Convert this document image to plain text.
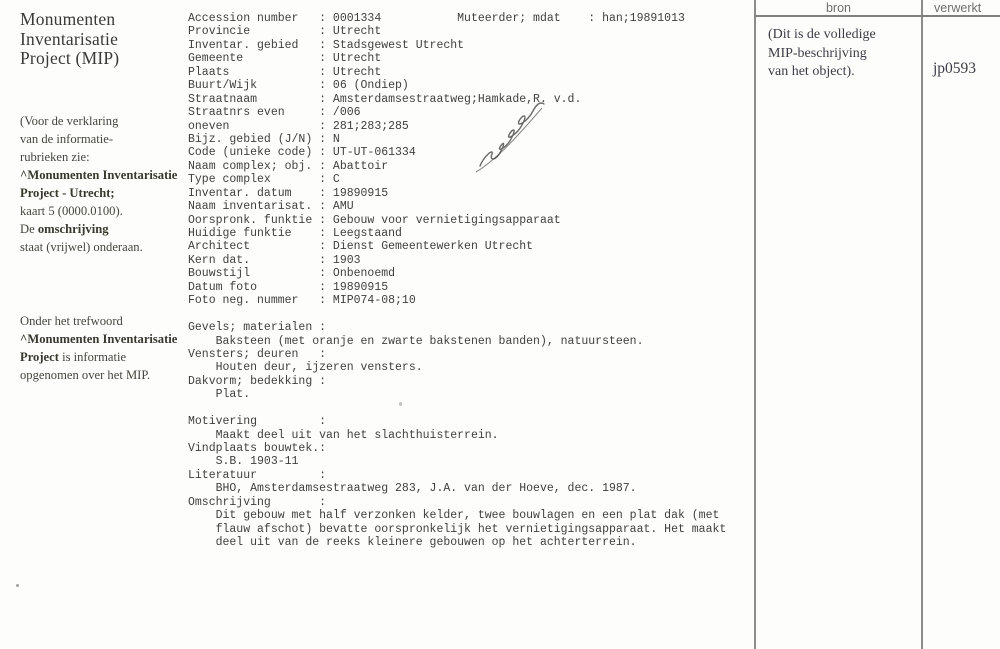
Monumenten
Inventarisatie
Project (MIP)
(Voor de verklaring
van de informatie-
rubrieken zie:
^Monumenten Inventarisatie
Project - Utrecht;
kaart 5 (0000.0100).
De omschrijving
staat (vrijwel) onderaan.
Onder het trefwoord
^Monumenten Inventarisatie
Project is informatie
opgenomen over het MIP.
Accession number   : 0001334           Muteerder; mdat    : han;19891013
Provincie          : Utrecht
Inventar. gebied   : Stadsgewest Utrecht
Gemeente           : Utrecht
Plaats             : Utrecht
Buurt/Wijk         : 06 (Ondiep)
Straatnaam         : Amsterdamsestraatweg;Hamkade,R. v.d.
Straatnrs even     : /006
oneven             : 281;283;285
Bijz. gebied (J/N) : N
Code (unieke code) : UT-UT-061334
Naam complex; obj. : Abattoir
Type complex       : C
Inventar. datum    : 19890915
Naam inventarisat. : AMU
Oorspronk. funktie : Gebouw voor vernietigingsapparaat
Huidige funktie    : Leegstaand
Architect          : Dienst Gemeentewerken Utrecht
Kern dat.          : 1903
Bouwstijl          : Onbenoemd
Datum foto         : 19890915
Foto neg. nummer   : MIP074-08;10
Gevels; materialen :
Baksteen (met oranje en zwarte bakstenen banden), natuursteen.
Vensters; deuren   :
Houten deur, ijzeren vensters.
Dakvorm; bedekking :
Plat.
Motivering         :
Maakt deel uit van het slachthuisterrein.
Vindplaats bouwtek.:
S.B. 1903-11
Literatuur         :
BHO, Amsterdamsestraatweg 283, J.A. van der Hoeve, dec. 1987.
Omschrijving       :
Dit gebouw met half verzonken kelder, twee bouwlagen en een plat dak (met
flauw afschot) bevatte oorspronkelijk het vernietigingsapparaat. Het maakt
deel uit van de reeks kleinere gebouwen op het achterterrein.
bron	verwerkt
(Dit is de volledige
MIP-beschrijving
van het object).	jp0593
